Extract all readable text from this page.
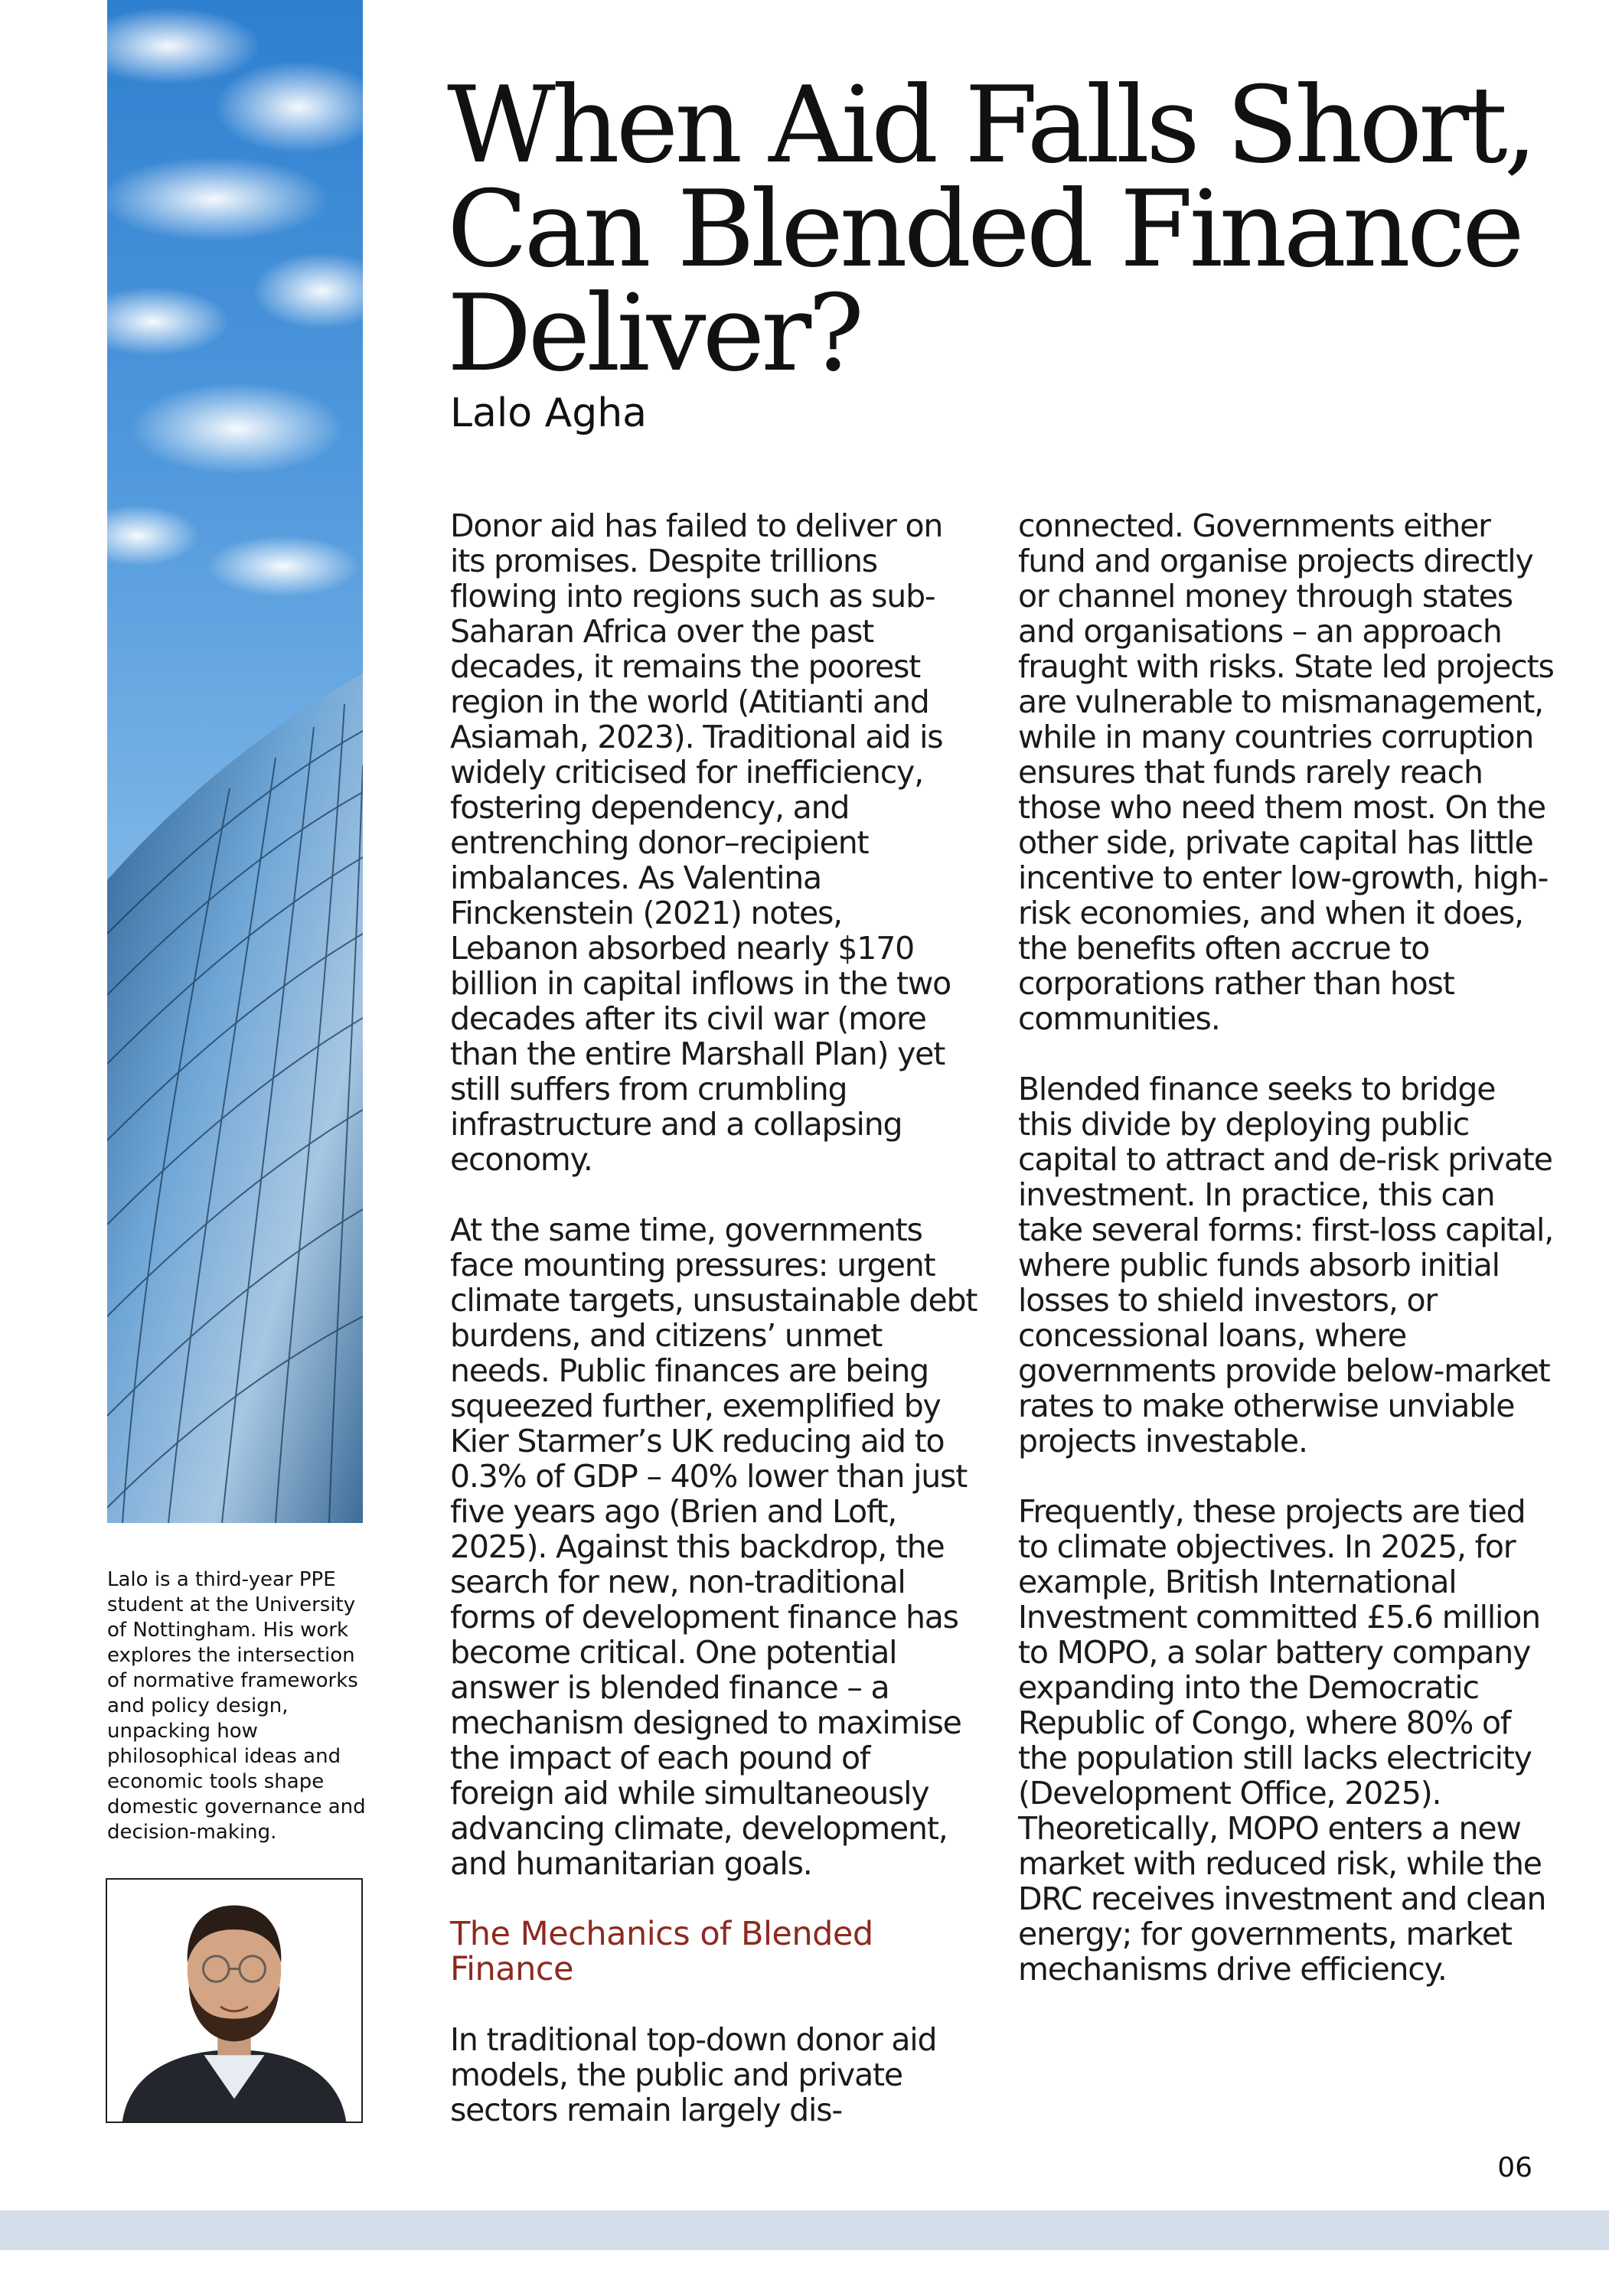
Lalo is a third-year PPE student at the University of Nottingham. His work explores the intersection of normative frameworks and policy design, unpacking how philosophical ideas and economic tools shape domestic governance and decision-making.

When Aid Falls Short, Can Blended Finance Deliver?

Lalo Agha

Donor aid has failed to deliver on its promises. Despite trillions flowing into regions such as sub-Saharan Africa over the past decades, it remains the poorest region in the world (Atitianti and Asiamah, 2023). Traditional aid is widely criticised for inefficiency, fostering dependency, and entrenching donor–recipient imbalances. As Valentina Finckenstein (2021) notes, Lebanon absorbed nearly $170 billion in capital inflows in the two decades after its civil war (more than the entire Marshall Plan) yet still suffers from crumbling infrastructure and a collapsing economy.

At the same time, governments face mounting pressures: urgent climate targets, unsustainable debt burdens, and citizens’ unmet needs. Public finances are being squeezed further, exemplified by Kier Starmer’s UK reducing aid to 0.3% of GDP – 40% lower than just five years ago (Brien and Loft, 2025). Against this backdrop, the search for new, non-traditional forms of development finance has become critical. One potential answer is blended finance – a mechanism designed to maximise the impact of each pound of foreign aid while simultaneously advancing climate, development, and humanitarian goals.

The Mechanics of Blended Finance

In traditional top-down donor aid models, the public and private sectors remain largely dis-

connected. Governments either fund and organise projects directly or channel money through states and organisations – an approach fraught with risks. State led projects are vulnerable to mismanagement, while in many countries corruption ensures that funds rarely reach those who need them most. On the other side, private capital has little incentive to enter low-growth, high-risk economies, and when it does, the benefits often accrue to corporations rather than host communities.

Blended finance seeks to bridge this divide by deploying public capital to attract and de-risk private investment. In practice, this can take several forms: first-loss capital, where public funds absorb initial losses to shield investors, or concessional loans, where governments provide below-market rates to make otherwise unviable projects investable.

Frequently, these projects are tied to climate objectives. In 2025, for example, British International Investment committed £5.6 million to MOPO, a solar battery company expanding into the Democratic Republic of Congo, where 80% of the population still lacks electricity (Development Office, 2025). Theoretically, MOPO enters a new market with reduced risk, while the DRC receives investment and clean energy; for governments, market mechanisms drive efficiency.

06
